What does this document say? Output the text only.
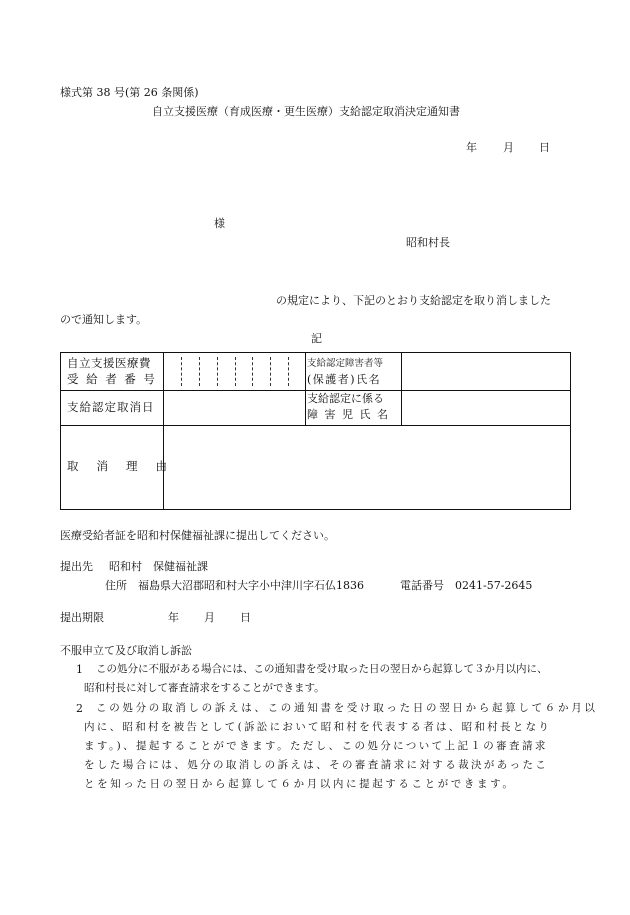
様式第 38 号(第 26 条関係)
自立支援医療（育成医療・更生医療）支給認定取消決定通知書
年 月 日
様
昭和村長
の規定により、下記のとおり支給認定を取り消しました
ので通知します。
記
自立支援医療費
受給者番号
支給認定障害者等
(保護者)氏名
支給認定取消日
支給認定に係る
障害児氏名
取消理由
医療受給者証を昭和村保健福祉課に提出してください。
提出先 昭和村　保健福祉課
住所　福島県大沼郡昭和村大字小中津川字石仏1836	電話番号　0241-57-2645
提出期限	年 月 日
不服申立て及び取消し訴訟
1 この処分に不服がある場合には、この通知書を受け取った日の翌日から起算して３か月以内に、
昭和村長に対して審査請求をすることができます。
2 この処分の取消しの訴えは、この通知書を受け取った日の翌日から起算して６か月以
内に、昭和村を被告として(訴訟において昭和村を代表する者は、昭和村長となり
ます。)、提起することができます。ただし、この処分について上記１の審査請求
をした場合には、処分の取消しの訴えは、その審査請求に対する裁決があったこ
とを知った日の翌日から起算して６か月以内に提起することができます。
